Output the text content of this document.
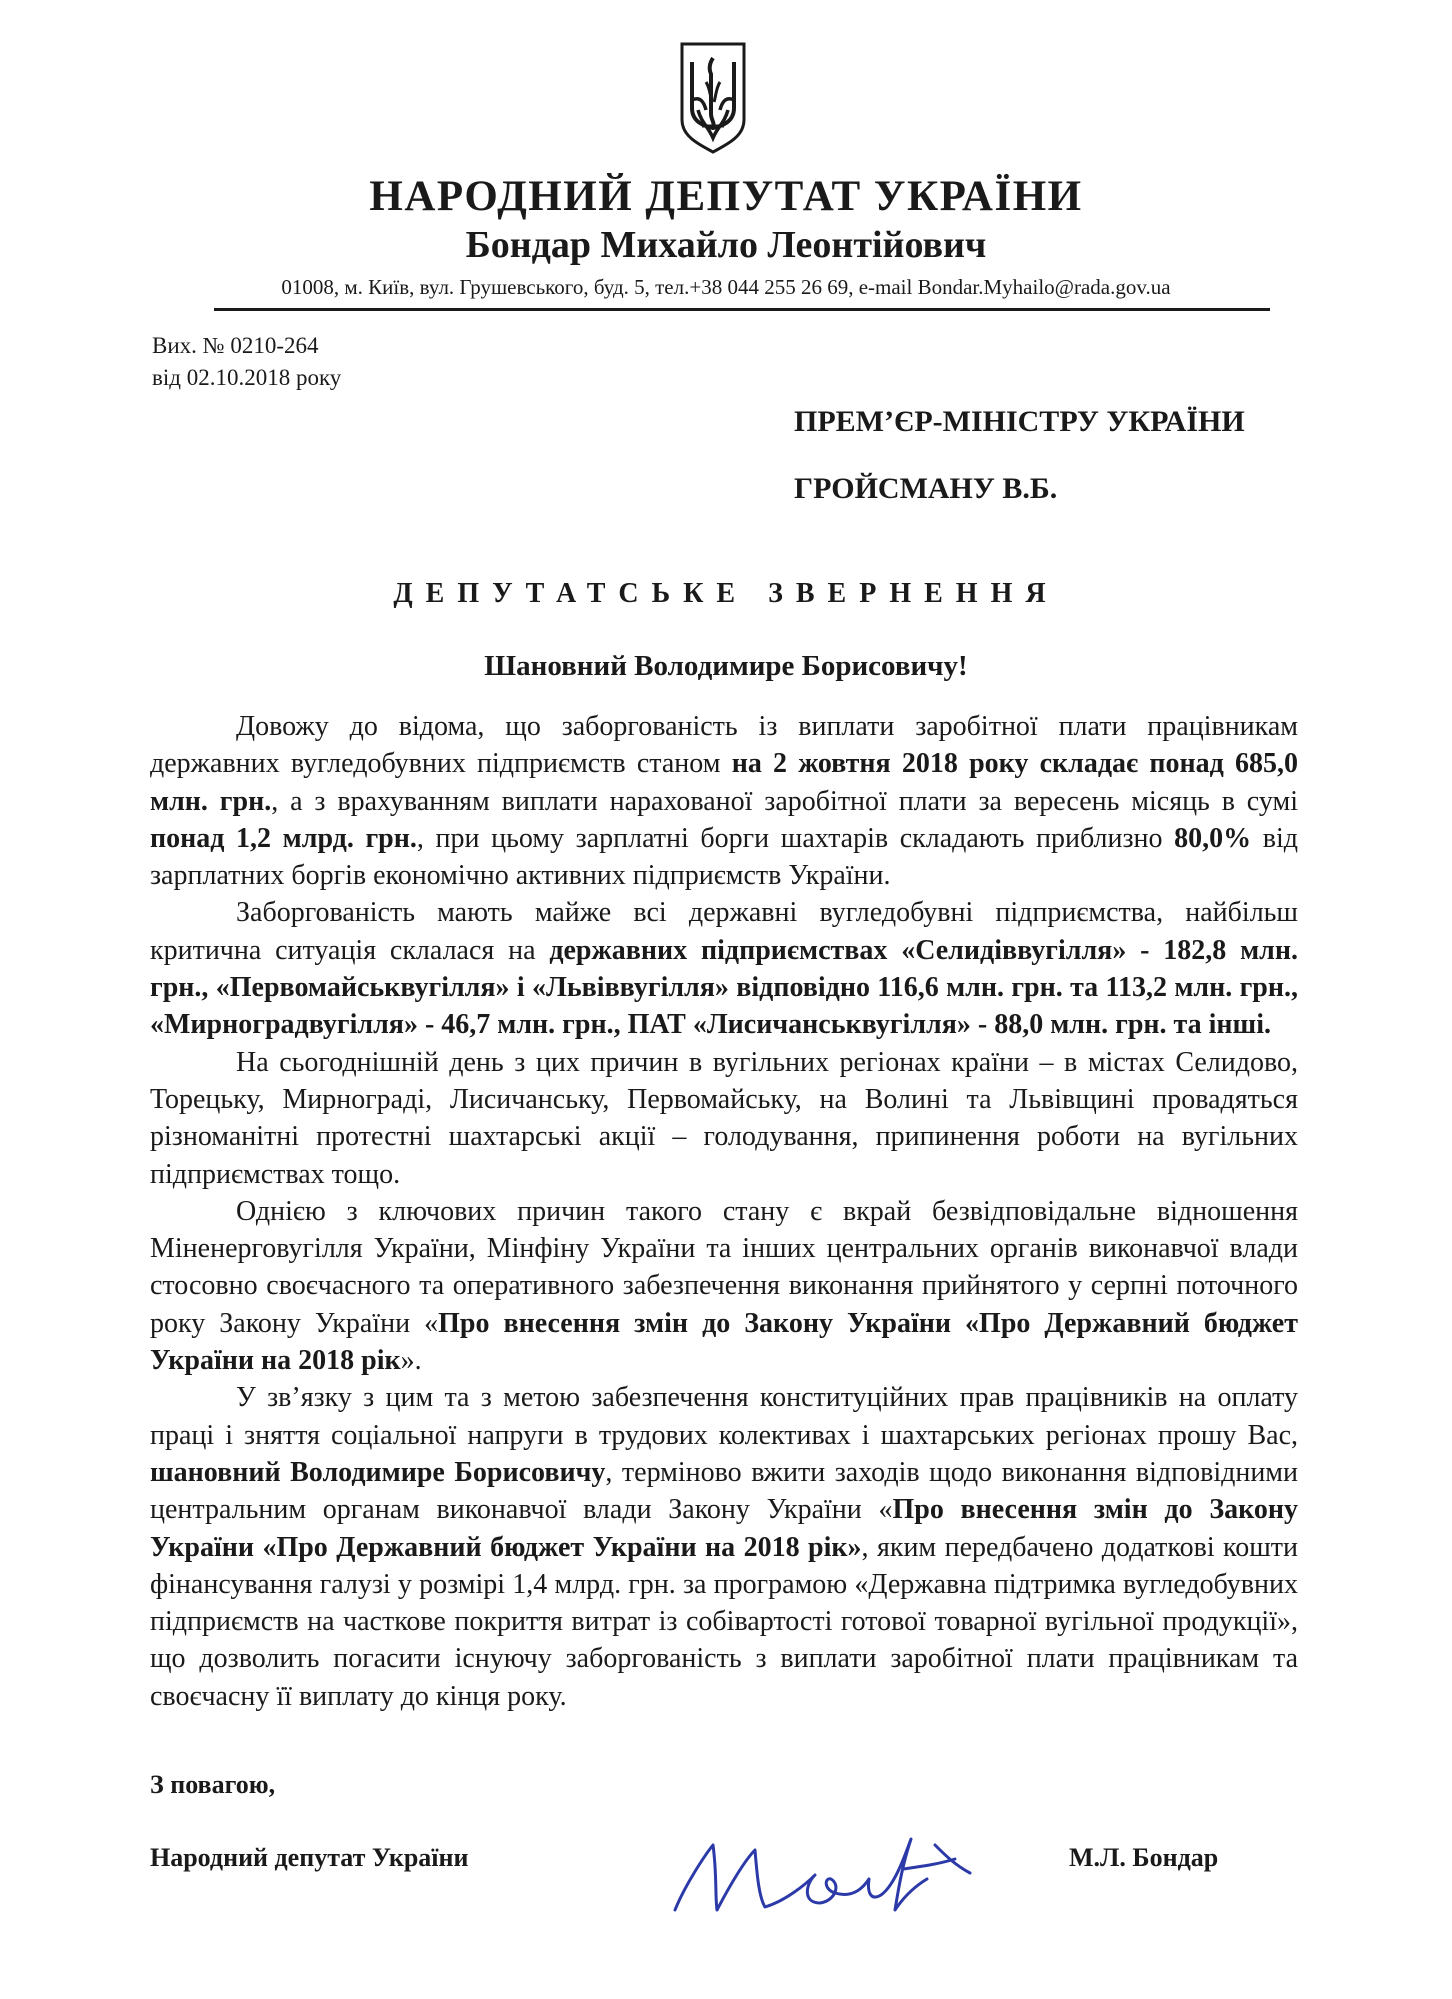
НАРОДНИЙ ДЕПУТАТ УКРАЇНИ
Бондар Михайло Леонтійович
01008, м. Київ, вул. Грушевського, буд. 5, тел.+38 044 255 26 69, e-mail Bondar.Myhailo@rada.gov.ua
Вих. № 0210-264
від 02.10.2018 року
ПРЕМ’ЄР-МІНІСТРУ УКРАЇНИ
ГРОЙСМАНУ В.Б.
ДЕПУТАТСЬКЕ ЗВЕРНЕННЯ
Шановний Володимире Борисовичу!

Довожу до відома, що заборгованість із виплати заробітної плати працівникам державних вугледобувних підприємств станом на 2 жовтня 2018 року складає понад 685,0 млн. грн., а з врахуванням виплати нарахованої заробітної плати за вересень місяць в сумі понад 1,2 млрд. грн., при цьому зарплатні борги шахтарів складають приблизно 80,0% від зарплатних боргів економічно активних підприємств України.

Заборгованість мають майже всі державні вугледобувні підприємства, найбільш критична ситуація склалася на державних підприємствах «Селидіввугілля» - 182,8 млн. грн., «Первомайськвугілля» і «Львіввугілля» відповідно 116,6 млн. грн. та 113,2 млн. грн., «Мирноградвугілля» - 46,7 млн. грн., ПАТ «Лисичанськвугілля» - 88,0 млн. грн. та інші.

На сьогоднішній день з цих причин в вугільних регіонах країни – в містах Селидово, Торецьку, Мирнограді, Лисичанську, Первомайську, на Волині та Львівщині провадяться різноманітні протестні шахтарські акції – голодування, припинення роботи на вугільних підприємствах тощо.

Однією з ключових причин такого стану є вкрай безвідповідальне відношення Міненерговугілля України, Мінфіну України та інших центральних органів виконавчої влади стосовно своєчасного та оперативного забезпечення виконання прийнятого у серпні поточного року Закону України «Про внесення змін до Закону України «Про Державний бюджет України на 2018 рік».

У зв’язку з цим та з метою забезпечення конституційних прав працівників на оплату праці і зняття соціальної напруги в трудових колективах і шахтарських регіонах прошу Вас, шановний Володимире Борисовичу, терміново вжити заходів щодо виконання відповідними центральним органам виконавчої влади Закону України «Про внесення змін до Закону України «Про Державний бюджет України на 2018 рік», яким передбачено додаткові кошти фінансування галузі у розмірі 1,4 млрд. грн. за програмою «Державна підтримка вугледобувних підприємств на часткове покриття витрат із собівартості готової товарної вугільної продукції», що дозволить погасити існуючу заборгованість з виплати заробітної плати працівникам та своєчасну її виплату до кінця року.

З повагою,
Народний депутат України	М.Л. Бондар
